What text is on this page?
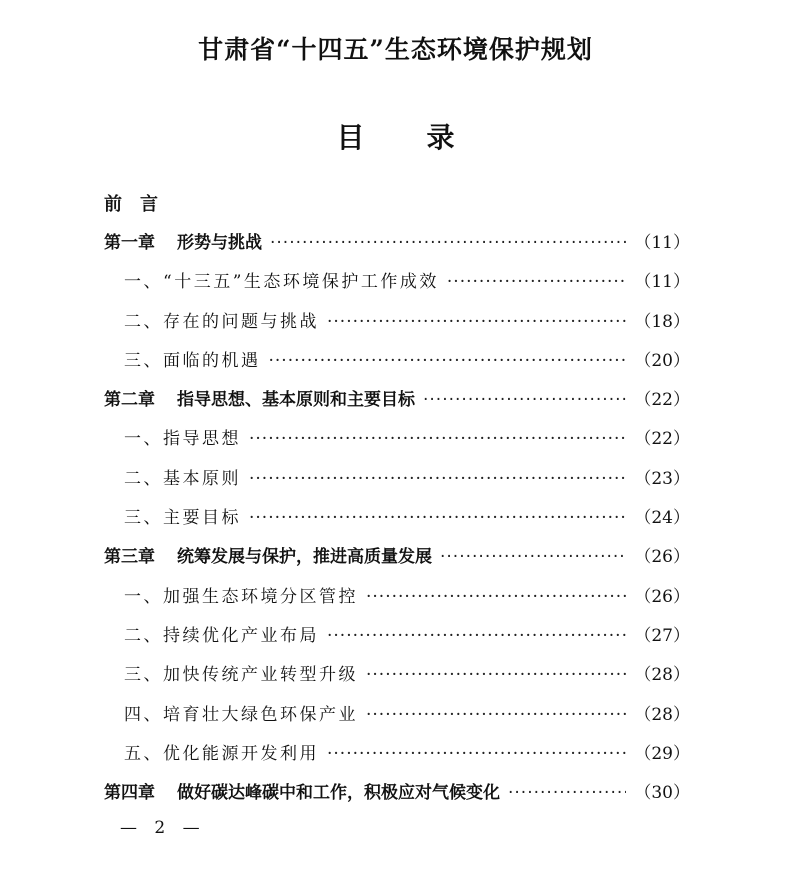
甘肃省“十四五”生态环境保护规划
目 录
前　言
第一章 形势与挑战 ·····	（11）
一、“十三五”生态环境保护工作成效 ·····	（11）
二、存在的问题与挑战 ·····	（18）
三、面临的机遇 ·····	（20）
第二章 指导思想、基本原则和主要目标 ·····	（22）
一、指导思想 ·····	（22）
二、基本原则 ·····	（23）
三、主要目标 ·····	（24）
第三章 统筹发展与保护，推进高质量发展 ·····	（26）
一、加强生态环境分区管控 ·····	（26）
二、持续优化产业布局 ·····	（27）
三、加快传统产业转型升级 ·····	（28）
四、培育壮大绿色环保产业 ·····	（28）
五、优化能源开发利用 ·····	（29）
第四章 做好碳达峰碳中和工作，积极应对气候变化 ·····	（30）
— 2 —
